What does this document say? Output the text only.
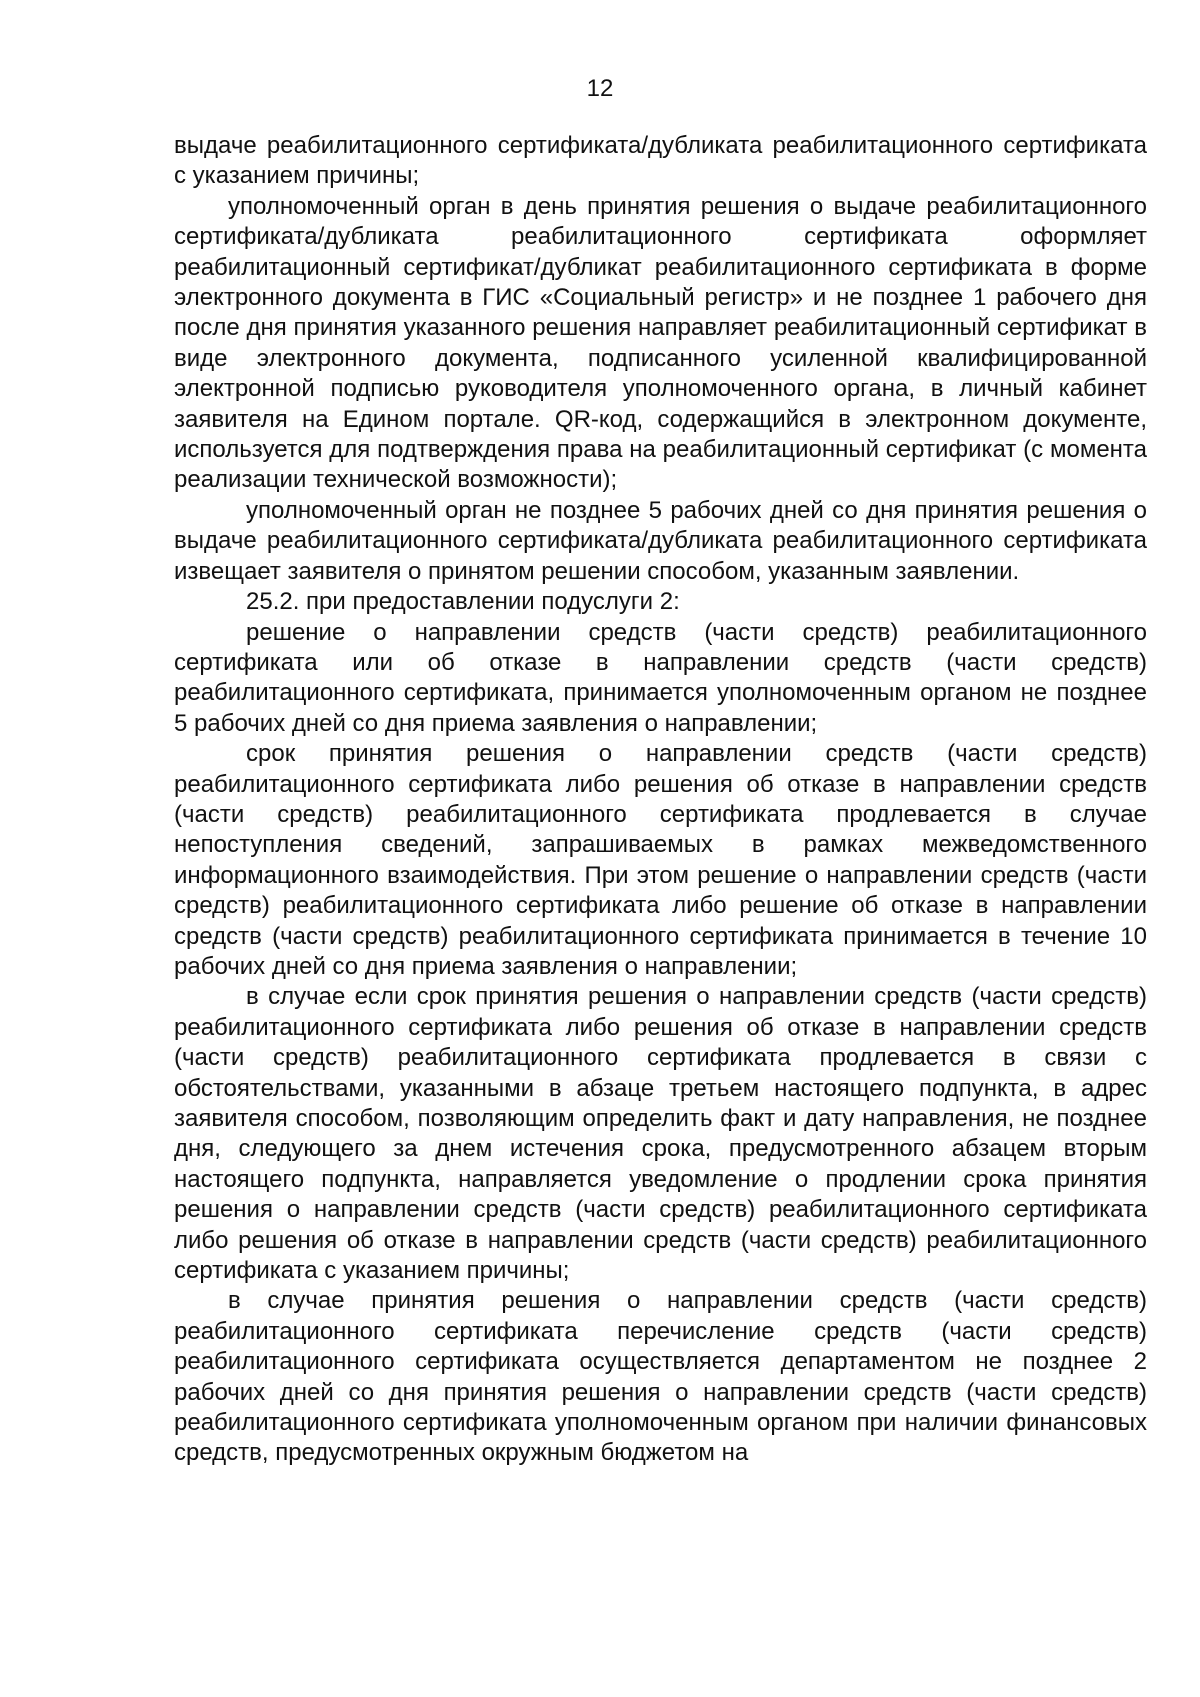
12

выдаче реабилитационного сертификата/дубликата реабилитационного сертификата с указанием причины;

уполномоченный орган в день принятия решения о выдаче реабилитационного сертификата/дубликата реабилитационного сертификата оформляет реабилитационный сертификат/дубликат реабилитационного сертификата в форме электронного документа в ГИС «Социальный регистр» и не позднее 1 рабочего дня после дня принятия указанного решения направляет реабилитационный сертификат в виде электронного документа, подписанного усиленной квалифицированной электронной подписью руководителя уполномоченного органа, в личный кабинет заявителя на Едином портале. QR-код, содержащийся в электронном документе, используется для подтверждения права на реабилитационный сертификат (с момента реализации технической возможности);

уполномоченный орган не позднее 5 рабочих дней со дня принятия решения о выдаче реабилитационного сертификата/дубликата реабилитационного сертификата извещает заявителя о принятом решении способом, указанным заявлении.

25.2. при предоставлении подуслуги 2:

решение о направлении средств (части средств) реабилитационного сертификата или об отказе в направлении средств (части средств) реабилитационного сертификата, принимается уполномоченным органом не позднее 5 рабочих дней со дня приема заявления о направлении;

срок принятия решения о направлении средств (части средств) реабилитационного сертификата либо решения об отказе в направлении средств (части средств) реабилитационного сертификата продлевается в случае непоступления сведений, запрашиваемых в рамках межведомственного информационного взаимодействия. При этом решение о направлении средств (части средств) реабилитационного сертификата либо решение об отказе в направлении средств (части средств) реабилитационного сертификата принимается в течение 10 рабочих дней со дня приема заявления о направлении;

в случае если срок принятия решения о направлении средств (части средств) реабилитационного сертификата либо решения об отказе в направлении средств (части средств) реабилитационного сертификата продлевается в связи с обстоятельствами, указанными в абзаце третьем настоящего подпункта, в адрес заявителя способом, позволяющим определить факт и дату направления, не позднее дня, следующего за днем истечения срока, предусмотренного абзацем вторым настоящего подпункта, направляется уведомление о продлении срока принятия решения о направлении средств (части средств) реабилитационного сертификата либо решения об отказе в направлении средств (части средств) реабилитационного сертификата с указанием причины;

в случае принятия решения о направлении средств (части средств) реабилитационного сертификата перечисление средств (части средств) реабилитационного сертификата осуществляется департаментом не позднее 2 рабочих дней со дня принятия решения о направлении средств (части средств) реабилитационного сертификата уполномоченным органом при наличии финансовых средств, предусмотренных окружным бюджетом на
